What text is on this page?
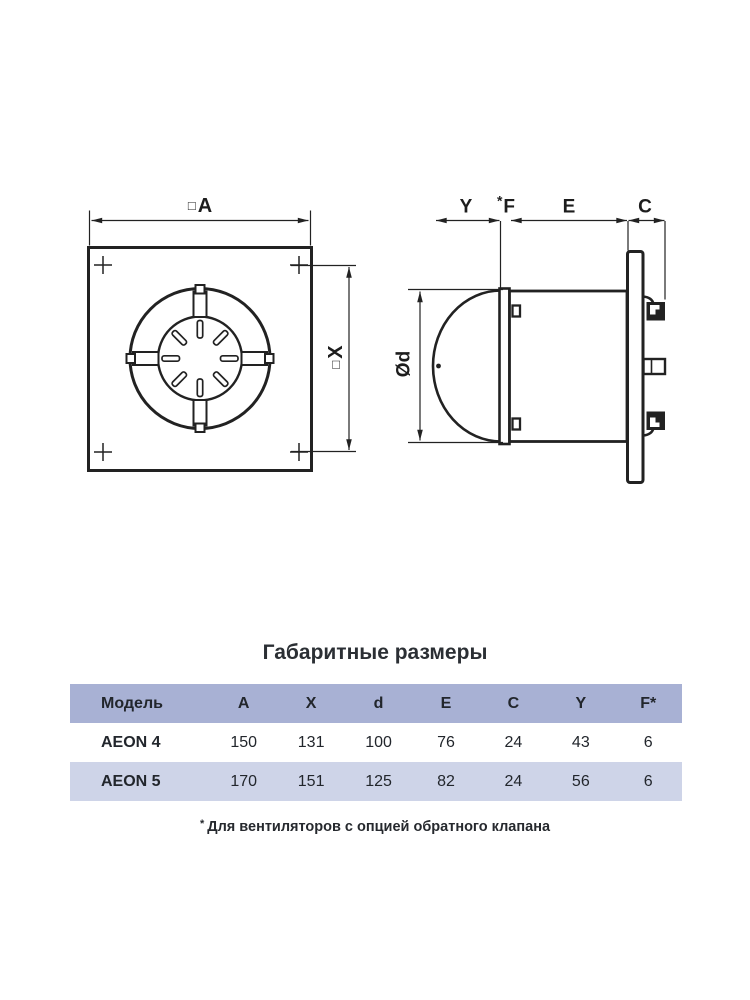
□ A
□X Ød
Y *F	E	C
Габаритные размеры
Модель	A	X	d	E	C	Y	F*
AEON 4	150	131	100	76	24	43	6
AEON 5	170	151	125	82	24	56	6
* Для вентиляторов с опцией обратного клапана
